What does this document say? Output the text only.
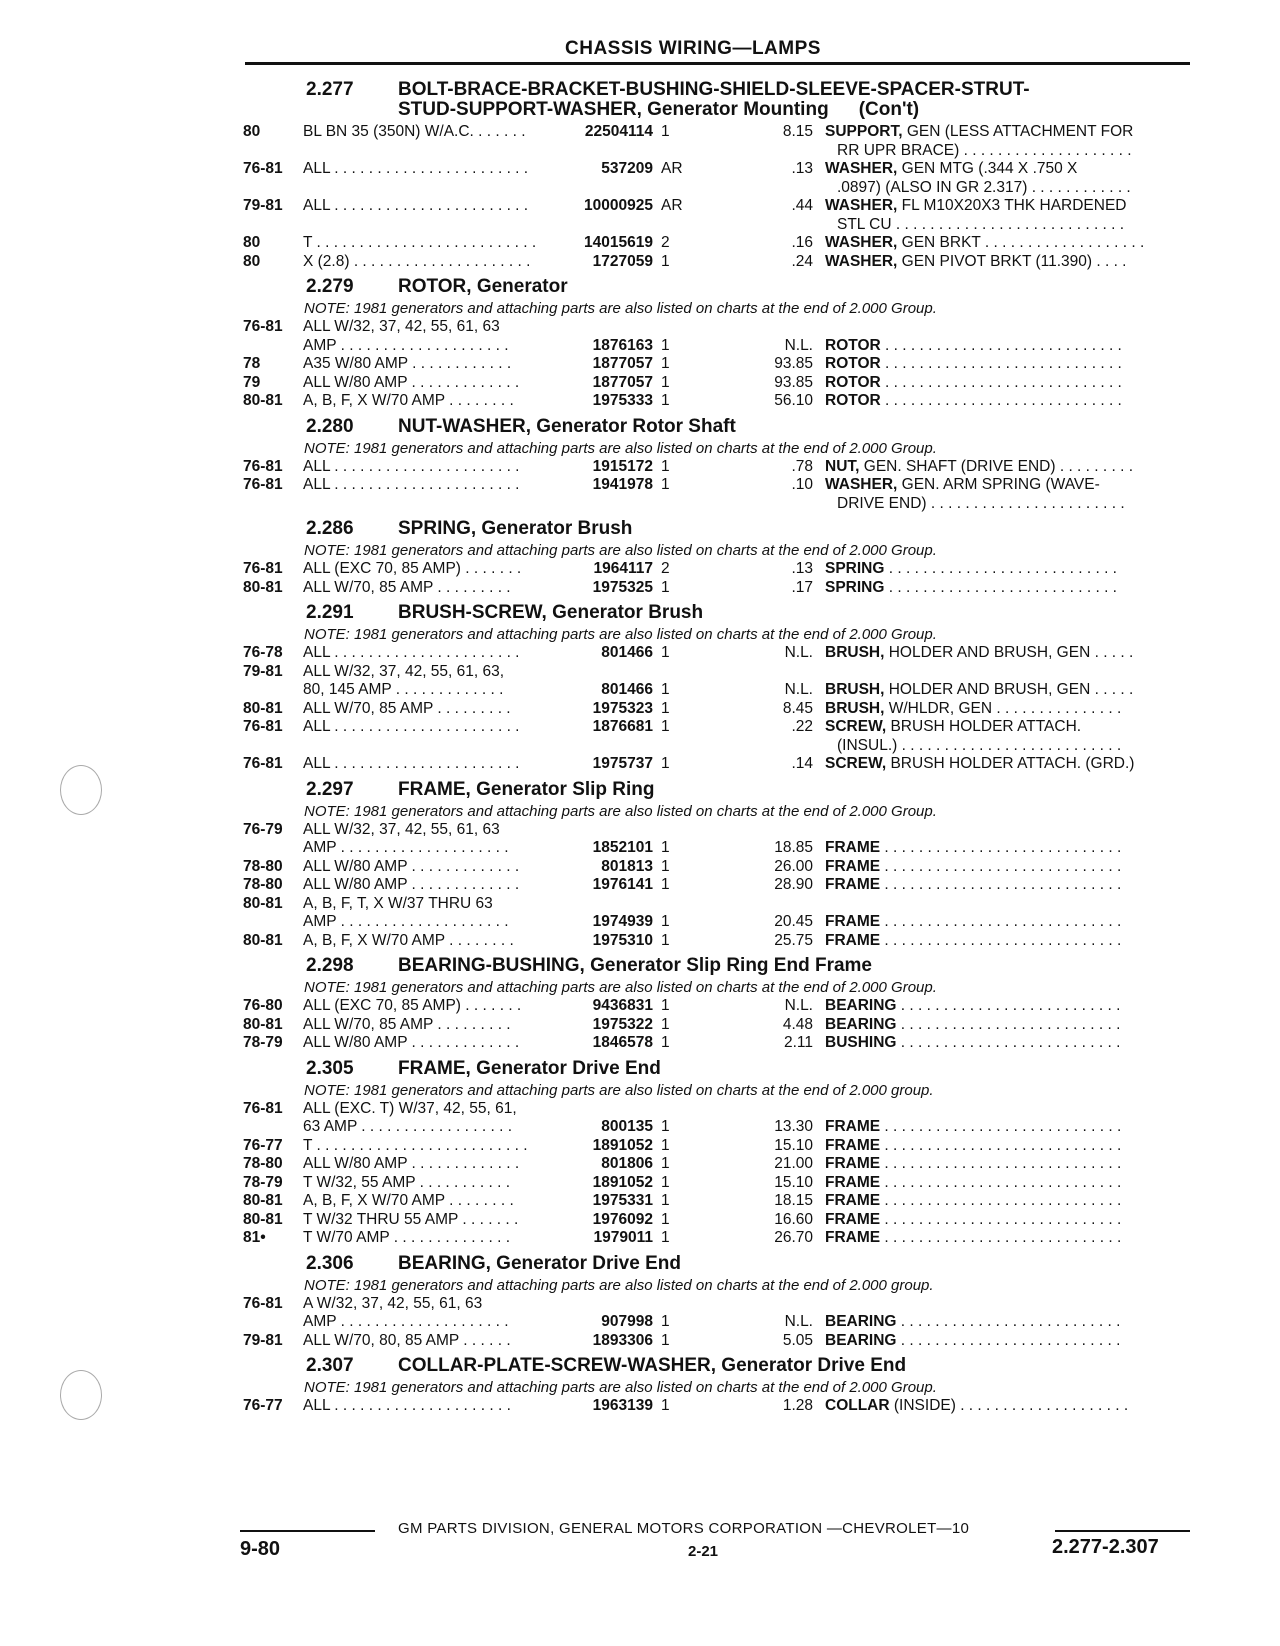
CHASSIS WIRING—LAMPS
2.277	BOLT-BRACE-BRACKET-BUSHING-SHIELD-SLEEVE-SPACER-STRUT-
STUD-SUPPORT-WASHER, Generator Mounting (Con't)
80	BL BN 35 (350N) W/A.C. . . . . . .	22504114 1	8.15 SUPPORT, GEN (LESS ATTACHMENT FOR
RR UPR BRACE) . . . . . . . . . . . . . . . . . . . .
76-81	ALL . . . . . . . . . . . . . . . . . . . . . . .	537209 AR	.13 WASHER, GEN MTG (.344 X .750 X
.0897) (ALSO IN GR 2.317) . . . . . . . . . . . .
79-81	ALL . . . . . . . . . . . . . . . . . . . . . . .	10000925 AR	.44 WASHER, FL M10X20X3 THK HARDENED
STL CU . . . . . . . . . . . . . . . . . . . . . . . . . . .
80	T . . . . . . . . . . . . . . . . . . . . . . . . . .	14015619 2	.16 WASHER, GEN BRKT . . . . . . . . . . . . . . . . . . .
80	X (2.8) . . . . . . . . . . . . . . . . . . . . .	1727059 1	.24 WASHER, GEN PIVOT BRKT (11.390) . . . .
2.279	ROTOR, Generator
NOTE: 1981 generators and attaching parts are also listed on charts at the end of 2.000 Group.
76-81	ALL W/32, 37, 42, 55, 61, 63
AMP . . . . . . . . . . . . . . . . . . . .	1876163 1	N.L. ROTOR . . . . . . . . . . . . . . . . . . . . . . . . . . . .
78	A35 W/80 AMP . . . . . . . . . . . .	1877057 1	93.85 ROTOR . . . . . . . . . . . . . . . . . . . . . . . . . . . .
79	ALL W/80 AMP . . . . . . . . . . . . .	1877057 1	93.85 ROTOR . . . . . . . . . . . . . . . . . . . . . . . . . . . .
80-81	A, B, F, X W/70 AMP . . . . . . . .	1975333 1	56.10 ROTOR . . . . . . . . . . . . . . . . . . . . . . . . . . . .
2.280	NUT-WASHER, Generator Rotor Shaft
NOTE: 1981 generators and attaching parts are also listed on charts at the end of 2.000 Group.
76-81	ALL . . . . . . . . . . . . . . . . . . . . . .	1915172 1	.78 NUT, GEN. SHAFT (DRIVE END) . . . . . . . . .
76-81	ALL . . . . . . . . . . . . . . . . . . . . . .	1941978 1	.10 WASHER, GEN. ARM SPRING (WAVE-
DRIVE END) . . . . . . . . . . . . . . . . . . . . . . .
2.286	SPRING, Generator Brush
NOTE: 1981 generators and attaching parts are also listed on charts at the end of 2.000 Group.
76-81	ALL (EXC 70, 85 AMP) . . . . . . .	1964117 2	.13 SPRING . . . . . . . . . . . . . . . . . . . . . . . . . . .
80-81	ALL W/70, 85 AMP . . . . . . . . .	1975325 1	.17 SPRING . . . . . . . . . . . . . . . . . . . . . . . . . . .
2.291	BRUSH-SCREW, Generator Brush
NOTE: 1981 generators and attaching parts are also listed on charts at the end of 2.000 Group.
76-78	ALL . . . . . . . . . . . . . . . . . . . . . .	801466 1	N.L. BRUSH, HOLDER AND BRUSH, GEN . . . . .
79-81	ALL W/32, 37, 42, 55, 61, 63,
80, 145 AMP . . . . . . . . . . . . .	801466 1	N.L. BRUSH, HOLDER AND BRUSH, GEN . . . . .
80-81	ALL W/70, 85 AMP . . . . . . . . .	1975323 1	8.45 BRUSH, W/HLDR, GEN . . . . . . . . . . . . . . .
76-81	ALL . . . . . . . . . . . . . . . . . . . . . .	1876681 1	.22 SCREW, BRUSH HOLDER ATTACH.
(INSUL.) . . . . . . . . . . . . . . . . . . . . . . . . . .
76-81	ALL . . . . . . . . . . . . . . . . . . . . . .	1975737 1	.14 SCREW, BRUSH HOLDER ATTACH. (GRD.)
2.297	FRAME, Generator Slip Ring
NOTE: 1981 generators and attaching parts are also listed on charts at the end of 2.000 Group.
76-79	ALL W/32, 37, 42, 55, 61, 63
AMP . . . . . . . . . . . . . . . . . . . .	1852101 1	18.85 FRAME . . . . . . . . . . . . . . . . . . . . . . . . . . . .
78-80	ALL W/80 AMP . . . . . . . . . . . . .	801813 1	26.00 FRAME . . . . . . . . . . . . . . . . . . . . . . . . . . . .
78-80	ALL W/80 AMP . . . . . . . . . . . . .	1976141 1	28.90 FRAME . . . . . . . . . . . . . . . . . . . . . . . . . . . .
80-81	A, B, F, T, X W/37 THRU 63
AMP . . . . . . . . . . . . . . . . . . . .	1974939 1	20.45 FRAME . . . . . . . . . . . . . . . . . . . . . . . . . . . .
80-81	A, B, F, X W/70 AMP . . . . . . . .	1975310 1	25.75 FRAME . . . . . . . . . . . . . . . . . . . . . . . . . . . .
2.298	BEARING-BUSHING, Generator Slip Ring End Frame
NOTE: 1981 generators and attaching parts are also listed on charts at the end of 2.000 Group.
76-80	ALL (EXC 70, 85 AMP) . . . . . . .	9436831 1	N.L. BEARING . . . . . . . . . . . . . . . . . . . . . . . . . .
80-81	ALL W/70, 85 AMP . . . . . . . . .	1975322 1	4.48 BEARING . . . . . . . . . . . . . . . . . . . . . . . . . .
78-79	ALL W/80 AMP . . . . . . . . . . . . .	1846578 1	2.11 BUSHING . . . . . . . . . . . . . . . . . . . . . . . . . .
2.305	FRAME, Generator Drive End
NOTE: 1981 generators and attaching parts are also listed on charts at the end of 2.000 group.
76-81	ALL (EXC. T) W/37, 42, 55, 61,
63 AMP . . . . . . . . . . . . . . . . . .	800135 1	13.30 FRAME . . . . . . . . . . . . . . . . . . . . . . . . . . . .
76-77	T . . . . . . . . . . . . . . . . . . . . . . . . .	1891052 1	15.10 FRAME . . . . . . . . . . . . . . . . . . . . . . . . . . . .
78-80	ALL W/80 AMP . . . . . . . . . . . . .	801806 1	21.00 FRAME . . . . . . . . . . . . . . . . . . . . . . . . . . . .
78-79	T W/32, 55 AMP . . . . . . . . . . .	1891052 1	15.10 FRAME . . . . . . . . . . . . . . . . . . . . . . . . . . . .
80-81	A, B, F, X W/70 AMP . . . . . . . .	1975331 1	18.15 FRAME . . . . . . . . . . . . . . . . . . . . . . . . . . . .
80-81	T W/32 THRU 55 AMP . . . . . . .	1976092 1	16.60 FRAME . . . . . . . . . . . . . . . . . . . . . . . . . . . .
81•	T W/70 AMP . . . . . . . . . . . . . .	1979011 1	26.70 FRAME . . . . . . . . . . . . . . . . . . . . . . . . . . . .
2.306	BEARING, Generator Drive End
NOTE: 1981 generators and attaching parts are also listed on charts at the end of 2.000 group.
76-81	A W/32, 37, 42, 55, 61, 63
AMP . . . . . . . . . . . . . . . . . . . .	907998 1	N.L. BEARING . . . . . . . . . . . . . . . . . . . . . . . . . .
79-81	ALL W/70, 80, 85 AMP . . . . . .	1893306 1	5.05 BEARING . . . . . . . . . . . . . . . . . . . . . . . . . .
2.307	COLLAR-PLATE-SCREW-WASHER, Generator Drive End
NOTE: 1981 generators and attaching parts are also listed on charts at the end of 2.000 Group.
76-77	ALL . . . . . . . . . . . . . . . . . . . . .	1963139 1	1.28 COLLAR (INSIDE) . . . . . . . . . . . . . . . . . . . .
GM PARTS DIVISION, GENERAL MOTORS CORPORATION —CHEVROLET—10
9-80	2-21	2.277-2.307
